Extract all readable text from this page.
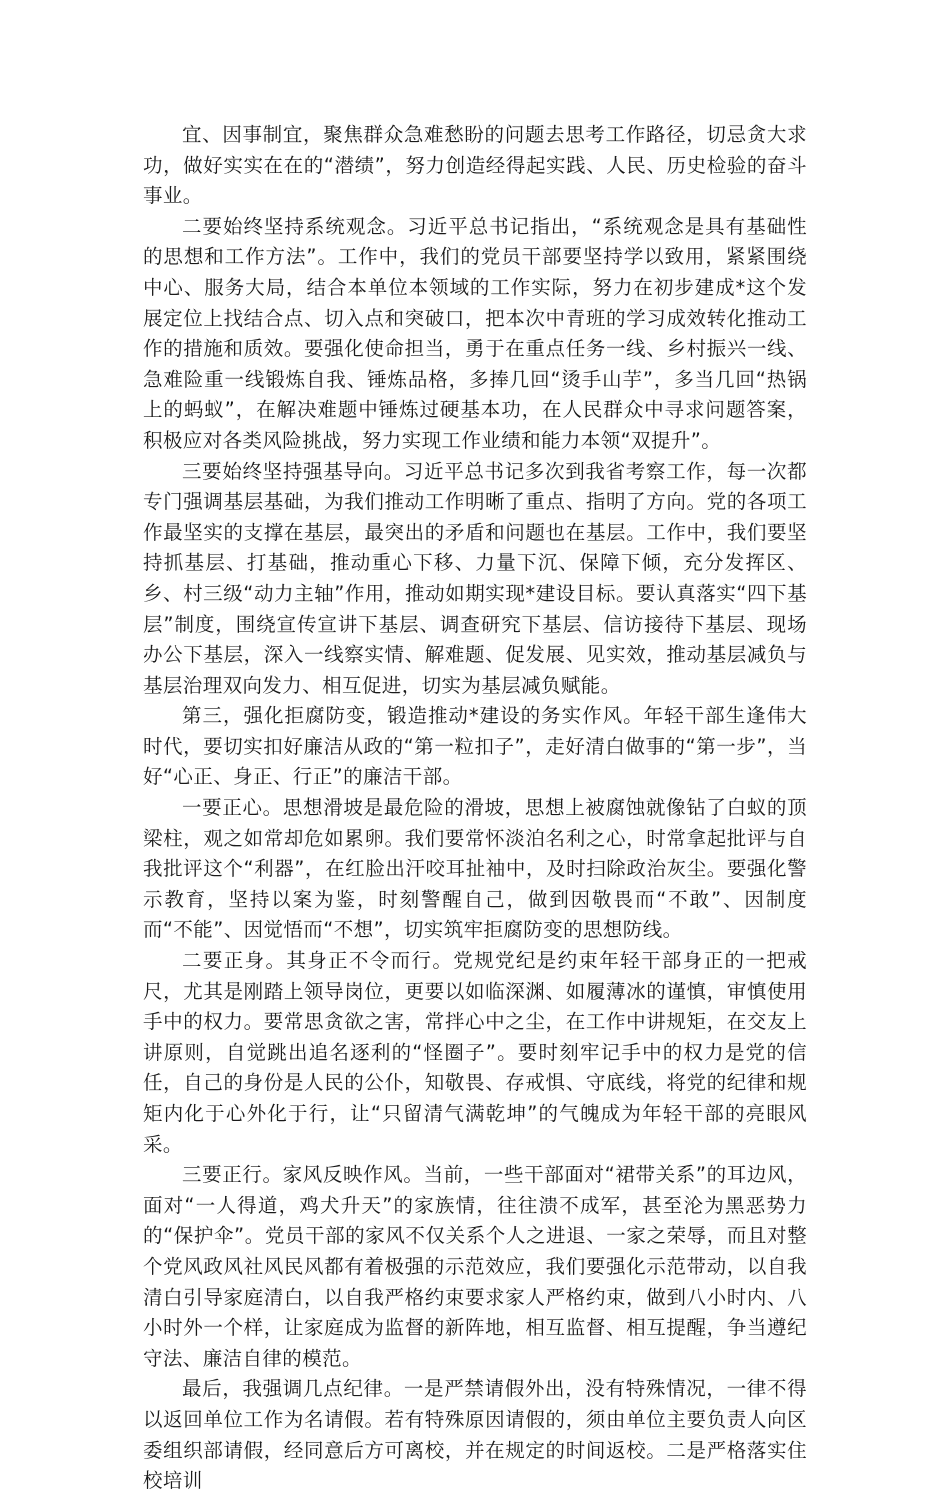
宜、因事制宜，聚焦群众急难愁盼的问题去思考工作路径，切忌贪大求功，做好实实在在的“潜绩”，努力创造经得起实践、人民、历史检验的奋斗事业。

二要始终坚持系统观念。习近平总书记指出，“系统观念是具有基础性的思想和工作方法”。工作中，我们的党员干部要坚持学以致用，紧紧围绕中心、服务大局，结合本单位本领域的工作实际，努力在初步建成*这个发展定位上找结合点、切入点和突破口，把本次中青班的学习成效转化推动工作的措施和质效。要强化使命担当，勇于在重点任务一线、乡村振兴一线、急难险重一线锻炼自我、锤炼品格，多捧几回“烫手山芋”，多当几回“热锅上的蚂蚁”，在解决难题中锤炼过硬基本功，在人民群众中寻求问题答案，积极应对各类风险挑战，努力实现工作业绩和能力本领“双提升”。

三要始终坚持强基导向。习近平总书记多次到我省考察工作，每一次都专门强调基层基础，为我们推动工作明晰了重点、指明了方向。党的各项工作最坚实的支撑在基层，最突出的矛盾和问题也在基层。工作中，我们要坚持抓基层、打基础，推动重心下移、力量下沉、保障下倾，充分发挥区、乡、村三级“动力主轴”作用，推动如期实现*建设目标。要认真落实“四下基层”制度，围绕宣传宣讲下基层、调查研究下基层、信访接待下基层、现场办公下基层，深入一线察实情、解难题、促发展、见实效，推动基层减负与基层治理双向发力、相互促进，切实为基层减负赋能。

第三，强化拒腐防变，锻造推动*建设的务实作风。年轻干部生逢伟大时代，要切实扣好廉洁从政的“第一粒扣子”，走好清白做事的“第一步”，当好“心正、身正、行正”的廉洁干部。

一要正心。思想滑坡是最危险的滑坡，思想上被腐蚀就像钻了白蚁的顶梁柱，观之如常却危如累卵。我们要常怀淡泊名利之心，时常拿起批评与自我批评这个“利器”，在红脸出汗咬耳扯袖中，及时扫除政治灰尘。要强化警示教育，坚持以案为鉴，时刻警醒自己，做到因敬畏而“不敢”、因制度而“不能”、因觉悟而“不想”，切实筑牢拒腐防变的思想防线。

二要正身。其身正不令而行。党规党纪是约束年轻干部身正的一把戒尺，尤其是刚踏上领导岗位，更要以如临深渊、如履薄冰的谨慎，审慎使用手中的权力。要常思贪欲之害，常拌心中之尘，在工作中讲规矩，在交友上讲原则，自觉跳出追名逐利的“怪圈子”。要时刻牢记手中的权力是党的信任，自己的身份是人民的公仆，知敬畏、存戒惧、守底线，将党的纪律和规矩内化于心外化于行，让“只留清气满乾坤”的气魄成为年轻干部的亮眼风采。

三要正行。家风反映作风。当前，一些干部面对“裙带关系”的耳边风，面对“一人得道，鸡犬升天”的家族情，往往溃不成军，甚至沦为黑恶势力的“保护伞”。党员干部的家风不仅关系个人之进退、一家之荣辱，而且对整个党风政风社风民风都有着极强的示范效应，我们要强化示范带动，以自我清白引导家庭清白，以自我严格约束要求家人严格约束，做到八小时内、八小时外一个样，让家庭成为监督的新阵地，相互监督、相互提醒，争当遵纪守法、廉洁自律的模范。

最后，我强调几点纪律。一是严禁请假外出，没有特殊情况，一律不得以返回单位工作为名请假。若有特殊原因请假的，须由单位主要负责人向区委组织部请假，经同意后方可离校，并在规定的时间返校。二是严格落实住校培训
